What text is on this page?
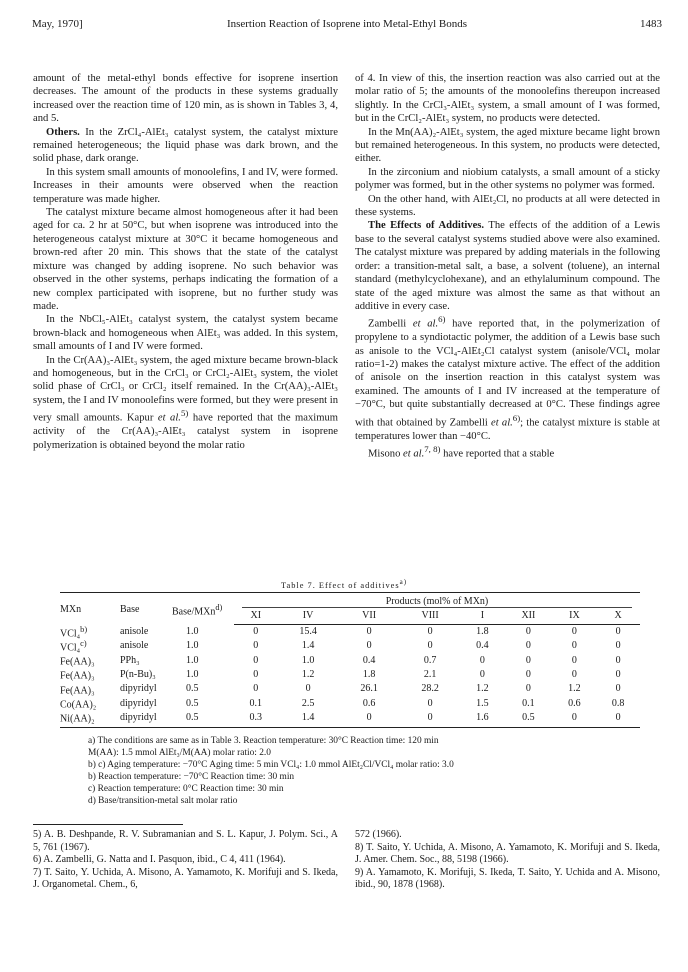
May, 1970]	Insertion Reaction of Isoprene into Metal-Ethyl Bonds	1483

amount of the metal-ethyl bonds effective for isoprene insertion decreases. The amount of the products in these systems gradually increased over the reaction time of 120 min, as is shown in Tables 3, 4, and 5.

Others. In the ZrCl₄-AlEt₃ catalyst system, the catalyst mixture remained heterogeneous; the liquid phase was dark brown, and the solid phase, dark orange.

In this system small amounts of monoolefins, I and IV, were formed. Increases in their amounts were observed when the reaction temperature was made higher.

The catalyst mixture became almost homogeneous after it had been aged for ca. 2 hr at 50°C, but when isoprene was introduced into the heterogeneous catalyst mixture at 30°C it became homogeneous and brown-red after 20 min. This shows that the state of the catalyst mixture was changed by adding isoprene. No such behavior was observed in the other systems, perhaps indicating the formation of a new complex participated with isoprene, but no further study was made.

In the NbCl₅-AlEt₃ catalyst system, the catalyst system became brown-black and homogeneous when AlEt₃ was added. In this system, small amounts of I and IV were formed.

In the Cr(AA)₃-AlEt₃ system, the aged mixture became brown-black and homogeneous, but in the CrCl₃ or CrCl₂-AlEt₃ system, the violet solid phase of CrCl₃ or CrCl₂ itself remained. In the Cr(AA)₃-AlEt₃ system, the I and IV monoolefins were formed, but they were present in very small amounts. Kapur et al.$^{5)}$ have reported that the maximum activity of the Cr(AA)₃-AlEt₃ catalyst system in isoprene polymerization is obtained beyond the molar ratio

of 4. In view of this, the insertion reaction was also carried out at the molar ratio of 5; the amounts of the monoolefins thereupon increased slightly. In the CrCl₃-AlEt₃ system, a small amount of I was formed, but in the CrCl₂-AlEt₃ system, no products were detected.

In the Mn(AA)₂-AlEt₃ system, the aged mixture became light brown but remained heterogeneous. In this system, no products were detected, either.

In the zirconium and niobium catalysts, a small amount of a sticky polymer was formed, but in the other systems no polymer was formed.

On the other hand, with AlEt₂Cl, no products at all were detected in these systems.

The Effects of Additives. The effects of the addition of a Lewis base to the several catalyst systems studied above were also examined. The catalyst mixture was prepared by adding materials in the following order: a transition-metal salt, a base, a solvent (toluene), an internal standard (methylcyclohexane), and an ethylaluminum compound. The state of the aged mixture was almost the same as that without an additive in every case.

Zambelli et al.$^{6)}$ have reported that, in the polymerization of propylene to a syndiotactic polymer, the addition of a Lewis base such as anisole to the VCl₄-AlEt₂Cl catalyst system (anisole/VCl₄ molar ratio=1-2) makes the catalyst mixture active. The effect of the addition of anisole on the insertion reaction in this catalyst system was examined. The amounts of I and IV increased at the temperature of −70°C, but quite substantially decreased at 0°C. These findings agree with that obtained by Zambelli et al.$^{6)}$; the catalyst mixture is stable at temperatures lower than −40°C.

Misono et al.$^{7, 8)}$ have reported that a stable

Table 7. Effect of additives$^{a)}$
MXn	Base	Base/MXn$^{d)}$	Products (mol% of MXn)							

			XI	IV	VII	VIII	I	XII	IX	X
VCl₄$^{b)}$	anisole	1.0	0	15.4	0	0	1.8	0	0	0
VCl₄$^{c)}$	anisole	1.0	0	1.4	0	0	0.4	0	0	0
Fe(AA)₃	PPh₃	1.0	0	1.0	0.4	0.7	0	0	0	0
Fe(AA)₃	P(n-Bu)₃	1.0	0	1.2	1.8	2.1	0	0	0	0
Fe(AA)₃	dipyridyl	0.5	0	0	26.1	28.2	1.2	0	1.2	0
Co(AA)₂	dipyridyl	0.5	0.1	2.5	0.6	0	1.5	0.1	0.6	0.8
Ni(AA)₂	dipyridyl	0.5	0.3	1.4	0	0	1.6	0.5	0	0
a) The conditions are same as in Table 3. Reaction temperature: 30°C Reaction time: 120 min
M(AA): 1.5 mmol AlEt₃/M(AA) molar ratio: 2.0
b) c) Aging temperature: −70°C Aging time: 5 min VCl₄: 1.0 mmol AlEt₂Cl/VCl₄ molar ratio: 3.0
b) Reaction temperature: −70°C Reaction time: 30 min
c) Reaction temperature: 0°C Reaction time: 30 min
d) Base/transition-metal salt molar ratio

5) A. B. Deshpande, R. V. Subramanian and S. L. Kapur, J. Polym. Sci., A 5, 761 (1967).

6) A. Zambelli, G. Natta and I. Pasquon, ibid., C 4, 411 (1964).

7) T. Saito, Y. Uchida, A. Misono, A. Yamamoto, K. Morifuji and S. Ikeda, J. Organometal. Chem., 6,

572 (1966).

8) T. Saito, Y. Uchida, A. Misono, A. Yamamoto, K. Morifuji and S. Ikeda, J. Amer. Chem. Soc., 88, 5198 (1966).

9) A. Yamamoto, K. Morifuji, S. Ikeda, T. Saito, Y. Uchida and A. Misono, ibid., 90, 1878 (1968).
